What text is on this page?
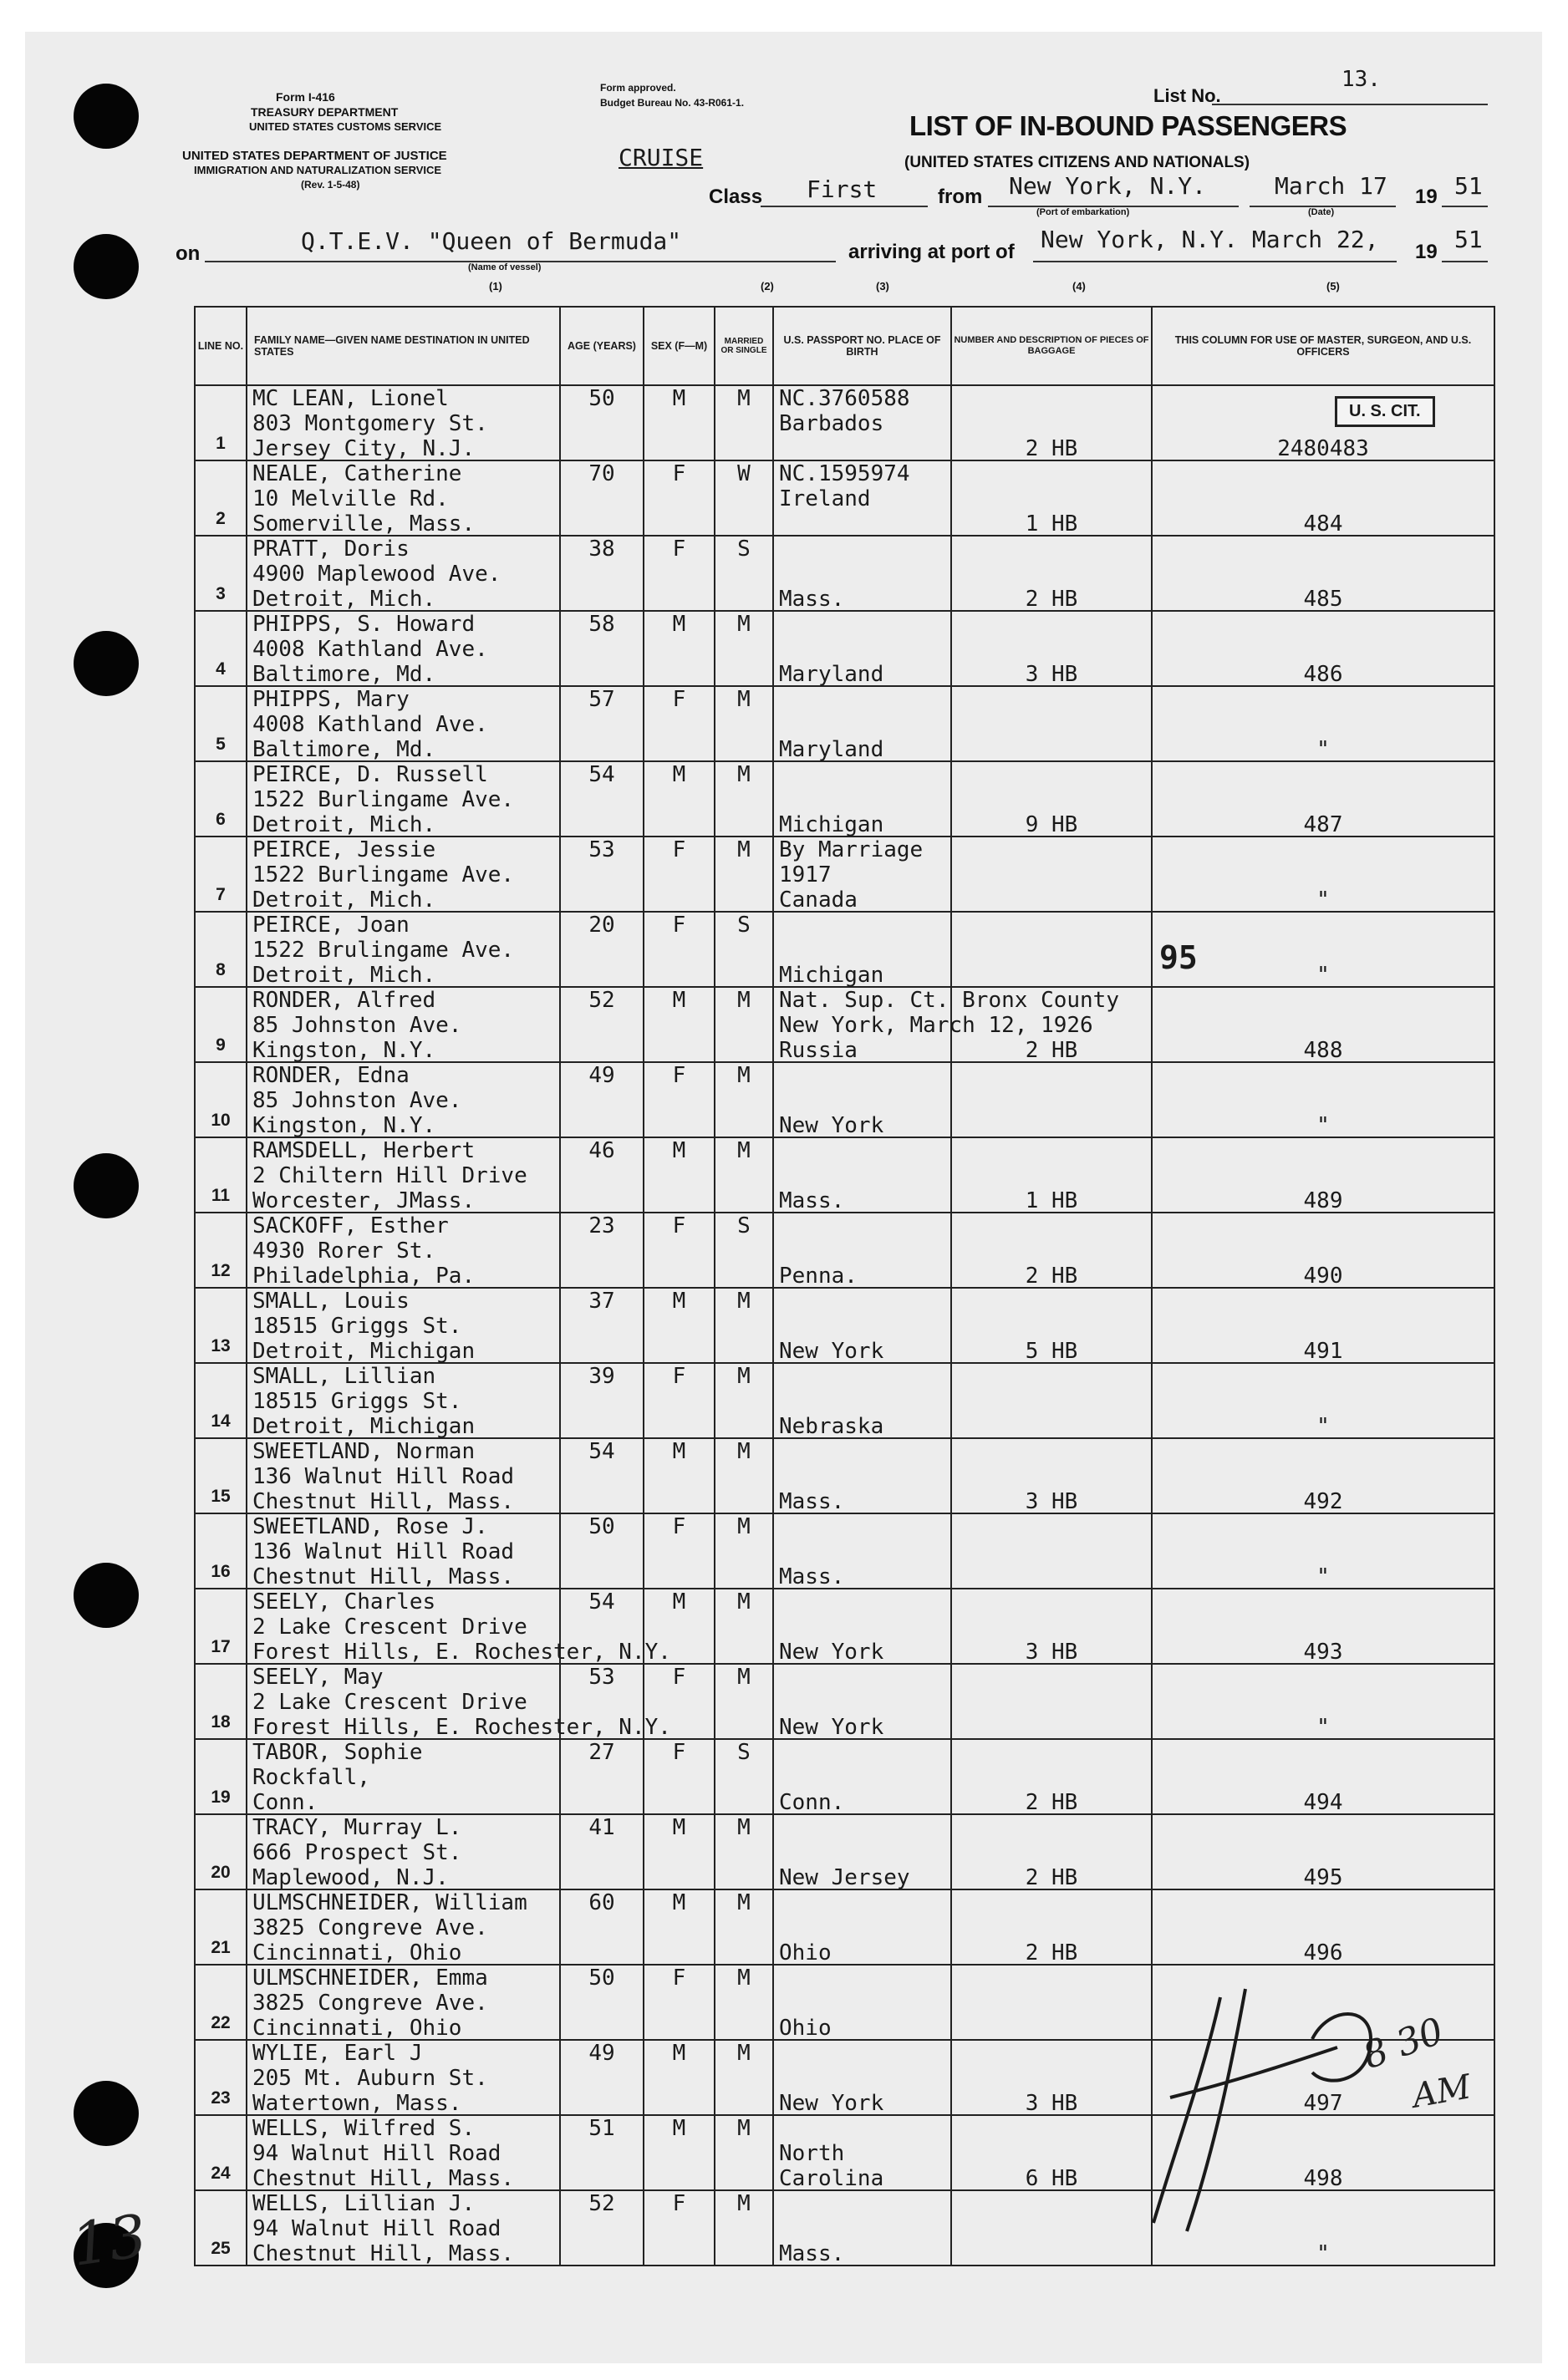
Form I-416
TREASURY DEPARTMENT
UNITED STATES CUSTOMS SERVICE
UNITED STATES DEPARTMENT OF JUSTICE
IMMIGRATION AND NATURALIZATION SERVICE
(Rev. 1-5-48)
Form approved.
Budget Bureau No. 43-R061-1.	List No.
13.
LIST OF IN-BOUND PASSENGERS
(UNITED STATES CITIZENS AND NATIONALS)
CRUISE
Class First	from New York, N.Y.
(Port of embarkation)
March 17
(Date)
19 51
on	Q.T.E.V. "Queen of Bermuda"
(Name of vessel)
arriving at port of New York, N.Y. March 22, 19 51
(1)	(2)	(3)	(4)	(5)
LINE NO.	FAMILY NAME—GIVEN NAME DESTINATION IN UNITED STATES	AGE (YEARS)	SEX (F—M)	MARRIED OR SINGLE	U.S. PASSPORT NO. PLACE OF BIRTH	NUMBER AND DESCRIPTION OF PIECES OF BAGGAGE	THIS COLUMN FOR USE OF MASTER, SURGEON, AND U.S. OFFICERS

1	MC LEAN, Lionel
803 Montgomery St.
Jersey City, N.J.	50	M	M	NC.3760588
Barbados	2 HB	2480483

2	NEALE, Catherine
10 Melville Rd.
Somerville, Mass.	70	F	W	NC.1595974
Ireland	1 HB	484

3	PRATT, Doris
4900 Maplewood Ave.
Detroit, Mich.	38	F	S	Mass.	2 HB	485

4	PHIPPS, S. Howard
4008 Kathland Ave.
Baltimore, Md.	58	M	M	Maryland	3 HB	486

5	PHIPPS, Mary
4008 Kathland Ave.
Baltimore, Md.	57	F	M	Maryland		"

6	PEIRCE, D. Russell
1522 Burlingame Ave.
Detroit, Mich.	54	M	M	Michigan	9 HB	487

7	PEIRCE, Jessie
1522 Burlingame Ave.
Detroit, Mich.	53	F	M	By Marriage
1917
Canada		"

8	PEIRCE, Joan
1522 Brulingame Ave.
Detroit, Mich.	20	F	S	Michigan		"

9	RONDER, Alfred
85 Johnston Ave.
Kingston, N.Y.	52	M	M	Nat. Sup. Ct. Bronx County
New York, March 12, 1926
Russia	2 HB	488

10	RONDER, Edna
85 Johnston Ave.
Kingston, N.Y.	49	F	M	New York		"

11	RAMSDELL, Herbert
2 Chiltern Hill Drive
Worcester, JMass.	46	M	M	Mass.	1 HB	489

12	SACKOFF, Esther
4930 Rorer St.
Philadelphia, Pa.	23	F	S	Penna.	2 HB	490

13	SMALL, Louis
18515 Griggs St.
Detroit, Michigan	37	M	M	New York	5 HB	491

14	SMALL, Lillian
18515 Griggs St.
Detroit, Michigan	39	F	M	Nebraska		"

15	SWEETLAND, Norman
136 Walnut Hill Road
Chestnut Hill, Mass.	54	M	M	Mass.	3 HB	492

16	SWEETLAND, Rose J.
136 Walnut Hill Road
Chestnut Hill, Mass.	50	F	M	Mass.		"

17	SEELY, Charles
2 Lake Crescent Drive
Forest Hills, E. Rochester, N.Y.	54	M	M	New York	3 HB	493

18	SEELY, May
2 Lake Crescent Drive
Forest Hills, E. Rochester, N.Y.	53	F	M	New York		"

19	TABOR, Sophie
Rockfall,
Conn.	27	F	S	Conn.	2 HB	494

20	TRACY, Murray L.
666 Prospect St.
Maplewood, N.J.	41	M	M	New Jersey	2 HB	495

21	ULMSCHNEIDER, William
3825 Congreve Ave.
Cincinnati, Ohio	60	M	M	Ohio	2 HB	496

22	ULMSCHNEIDER, Emma
3825 Congreve Ave.
Cincinnati, Ohio	50	F	M	Ohio		

23	WYLIE, Earl J
205 Mt. Auburn St.
Watertown, Mass.	49	M	M	New York	3 HB	497

24	WELLS, Wilfred S.
94 Walnut Hill Road
Chestnut Hill, Mass.	51	M	M	North
Carolina	6 HB	498

25	WELLS, Lillian J.
94 Walnut Hill Road
Chestnut Hill, Mass.	52	F	M	Mass.		"
U. S. CIT.
95
8 30
AM
13
